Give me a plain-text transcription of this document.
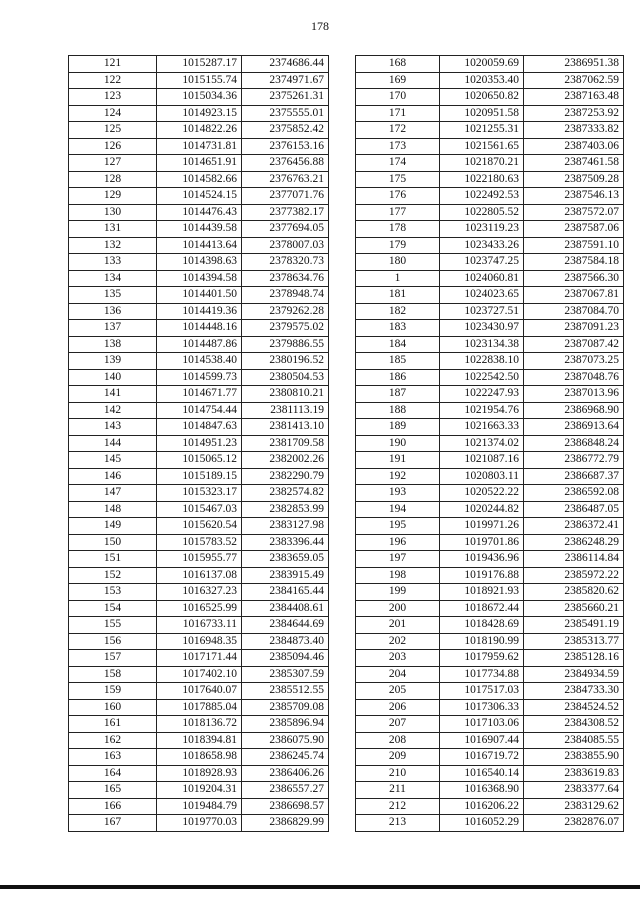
178
121	1015287.17	2374686.44
122	1015155.74	2374971.67
123	1015034.36	2375261.31
124	1014923.15	2375555.01
125	1014822.26	2375852.42
126	1014731.81	2376153.16
127	1014651.91	2376456.88
128	1014582.66	2376763.21
129	1014524.15	2377071.76
130	1014476.43	2377382.17
131	1014439.58	2377694.05
132	1014413.64	2378007.03
133	1014398.63	2378320.73
134	1014394.58	2378634.76
135	1014401.50	2378948.74
136	1014419.36	2379262.28
137	1014448.16	2379575.02
138	1014487.86	2379886.55
139	1014538.40	2380196.52
140	1014599.73	2380504.53
141	1014671.77	2380810.21
142	1014754.44	2381113.19
143	1014847.63	2381413.10
144	1014951.23	2381709.58
145	1015065.12	2382002.26
146	1015189.15	2382290.79
147	1015323.17	2382574.82
148	1015467.03	2382853.99
149	1015620.54	2383127.98
150	1015783.52	2383396.44
151	1015955.77	2383659.05
152	1016137.08	2383915.49
153	1016327.23	2384165.44
154	1016525.99	2384408.61
155	1016733.11	2384644.69
156	1016948.35	2384873.40
157	1017171.44	2385094.46
158	1017402.10	2385307.59
159	1017640.07	2385512.55
160	1017885.04	2385709.08
161	1018136.72	2385896.94
162	1018394.81	2386075.90
163	1018658.98	2386245.74
164	1018928.93	2386406.26
165	1019204.31	2386557.27
166	1019484.79	2386698.57
167	1019770.03	2386829.99
168	1020059.69	2386951.38
169	1020353.40	2387062.59
170	1020650.82	2387163.48
171	1020951.58	2387253.92
172	1021255.31	2387333.82
173	1021561.65	2387403.06
174	1021870.21	2387461.58
175	1022180.63	2387509.28
176	1022492.53	2387546.13
177	1022805.52	2387572.07
178	1023119.23	2387587.06
179	1023433.26	2387591.10
180	1023747.25	2387584.18
1	1024060.81	2387566.30
181	1024023.65	2387067.81
182	1023727.51	2387084.70
183	1023430.97	2387091.23
184	1023134.38	2387087.42
185	1022838.10	2387073.25
186	1022542.50	2387048.76
187	1022247.93	2387013.96
188	1021954.76	2386968.90
189	1021663.33	2386913.64
190	1021374.02	2386848.24
191	1021087.16	2386772.79
192	1020803.11	2386687.37
193	1020522.22	2386592.08
194	1020244.82	2386487.05
195	1019971.26	2386372.41
196	1019701.86	2386248.29
197	1019436.96	2386114.84
198	1019176.88	2385972.22
199	1018921.93	2385820.62
200	1018672.44	2385660.21
201	1018428.69	2385491.19
202	1018190.99	2385313.77
203	1017959.62	2385128.16
204	1017734.88	2384934.59
205	1017517.03	2384733.30
206	1017306.33	2384524.52
207	1017103.06	2384308.52
208	1016907.44	2384085.55
209	1016719.72	2383855.90
210	1016540.14	2383619.83
211	1016368.90	2383377.64
212	1016206.22	2383129.62
213	1016052.29	2382876.07
